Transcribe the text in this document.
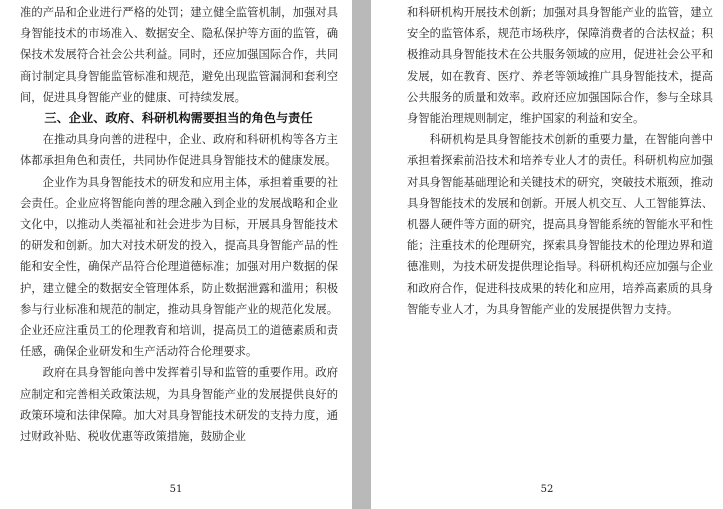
准的产品和企业进行严格的处罚；建立健全监管机制，加强对具身智能技术的市场准入、数据安全、隐私保护等方面的监管，确保技术发展符合社会公共利益。同时，还应加强国际合作，共同商讨制定具身智能监管标准和规范，避免出现监管漏洞和套利空间，促进具身智能产业的健康、可持续发展。

三、企业、政府、科研机构需要担当的角色与责任

在推动具身向善的进程中，企业、政府和科研机构等各方主体都承担角色和责任，共同协作促进具身智能技术的健康发展。

企业作为具身智能技术的研发和应用主体，承担着重要的社会责任。企业应将智能向善的理念融入到企业的发展战略和企业文化中，以推动人类福祉和社会进步为目标，开展具身智能技术的研发和创新。加大对技术研发的投入，提高具身智能产品的性能和安全性，确保产品符合伦理道德标准；加强对用户数据的保护，建立健全的数据安全管理体系，防止数据泄露和滥用；积极参与行业标准和规范的制定，推动具身智能产业的规范化发展。企业还应注重员工的伦理教育和培训，提高员工的道德素质和责任感，确保企业研发和生产活动符合伦理要求。

政府在具身智能向善中发挥着引导和监管的重要作用。政府应制定和完善相关政策法规，为具身智能产业的发展提供良好的政策环境和法律保障。加大对具身智能技术研发的支持力度，通过财政补贴、税收优惠等政策措施，鼓励企业

51

和科研机构开展技术创新；加强对具身智能产业的监管，建立安全的监管体系，规范市场秩序，保障消费者的合法权益；积极推动具身智能技术在公共服务领域的应用，促进社会公平和发展，如在教育、医疗、养老等领域推广具身智能技术，提高公共服务的质量和效率。政府还应加强国际合作，参与全球具身智能治理规则制定，维护国家的利益和安全。

科研机构是具身智能技术创新的重要力量，在智能向善中承担着探索前沿技术和培养专业人才的责任。科研机构应加强对具身智能基础理论和关键技术的研究，突破技术瓶颈，推动具身智能技术的发展和创新。开展人机交互、人工智能算法、机器人硬件等方面的研究，提高具身智能系统的智能水平和性能；注重技术的伦理研究，探索具身智能技术的伦理边界和道德准则，为技术研发提供理论指导。科研机构还应加强与企业和政府合作，促进科技成果的转化和应用，培养高素质的具身智能专业人才，为具身智能产业的发展提供智力支持。

52
